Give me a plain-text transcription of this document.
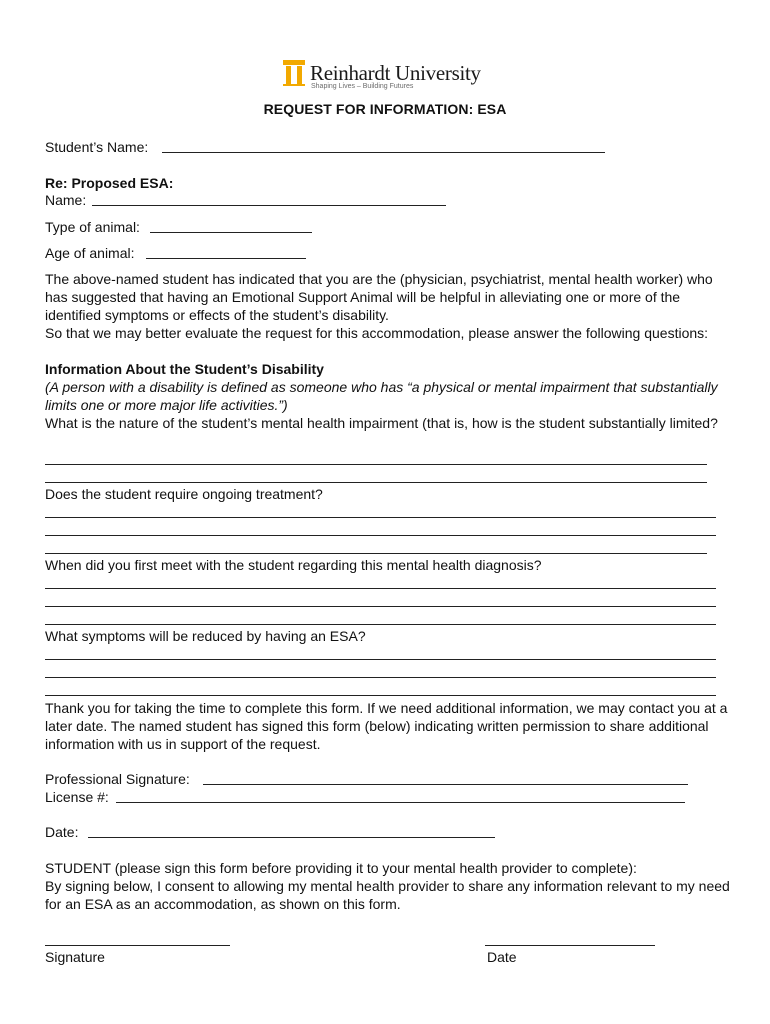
Reinhardt University
Shaping Lives – Building Futures
REQUEST FOR INFORMATION: ESA
Student’s Name:
Re: Proposed ESA:
Name:
Type of animal:
Age of animal:
The above-named student has indicated that you are the (physician, psychiatrist, mental health worker) who has suggested that having an Emotional Support Animal will be helpful in alleviating one or more of the identified symptoms or effects of the student’s disability.
So that we may better evaluate the request for this accommodation, please answer the following questions:
Information About the Student’s Disability
(A person with a disability is defined as someone who has “a physical or mental impairment that substantially limits one or more major life activities.”)
What is the nature of the student’s mental health impairment (that is, how is the student substantially limited?
Does the student require ongoing treatment?
When did you first meet with the student regarding this mental health diagnosis?
What symptoms will be reduced by having an ESA?
Thank you for taking the time to complete this form. If we need additional information, we may contact you at a later date. The named student has signed this form (below) indicating written permission to share additional information with us in support of the request.
Professional Signature:
License #:
Date:
STUDENT (please sign this form before providing it to your mental health provider to complete):
By signing below, I consent to allowing my mental health provider to share any information relevant to my need for an ESA as an accommodation, as shown on this form.
Signature	Date
